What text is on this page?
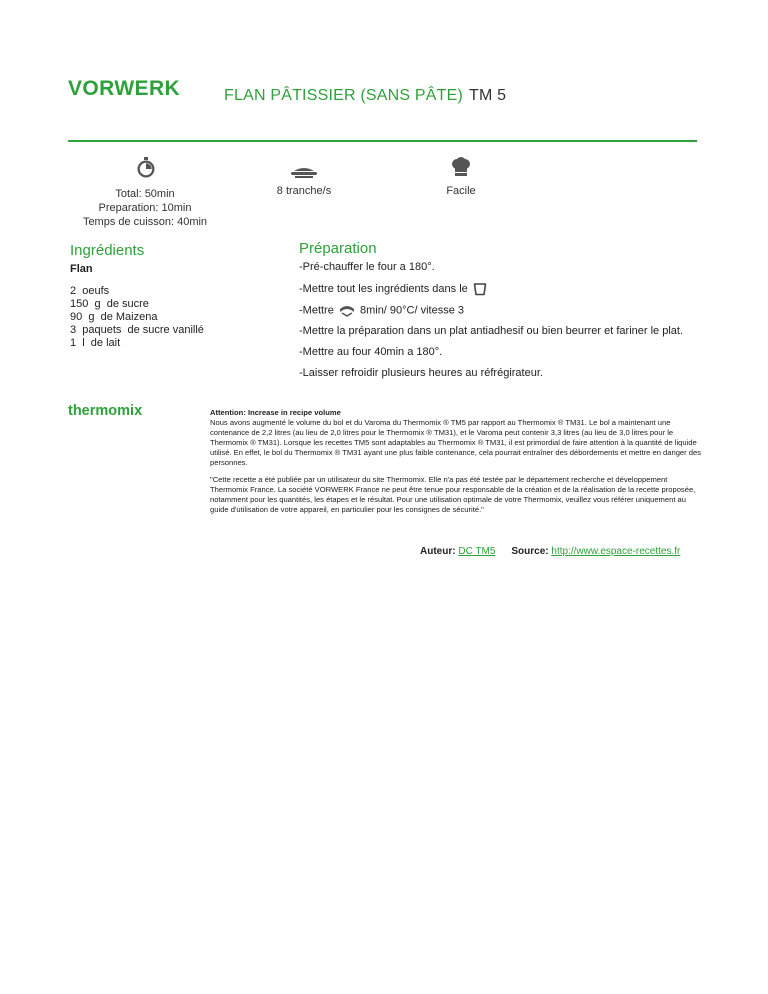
VORWERK	FLAN PÂTISSIER (SANS PÂTE) TM 5
Total: 50min
Preparation: 10min
Temps de cuisson: 40min
8 tranche/s	Facile
Ingrédients
Flan
2  oeufs
150  g  de sucre
90  g  de Maizena
3  paquets  de sucre vanillé
1  l  de lait
Préparation

-Pré-chauffer le four a 180°.

-Mettre tout les ingrédients dans le

-Mettre 8min/ 90°C/ vitesse 3

-Mettre la préparation dans un plat antiadhesif ou bien beurrer et fariner le plat.

-Mettre au four 40min a 180°.

-Laisser refroidir plusieurs heures au réfrégirateur.

thermomix	Attention: Increase in recipe volume

Nous avons augmenté le volume du bol et du Varoma du Thermomix ® TM5 par rapport au Thermomix ® TM31. Le bol a maintenant une contenance de 2,2 litres (au lieu de 2,0 litres pour le Thermomix ® TM31), et le Varoma peut contenir 3,3 litres (au lieu de 3,0 litres pour le Thermomix ® TM31). Lorsque les recettes TM5 sont adaptables au Thermomix ® TM31, il est primordial de faire attention à la quantité de liquide utilisé. En effet, le bol du Thermomix ® TM31 ayant une plus faible contenance, cela pourrait entraîner des débordements et mettre en danger des personnes.

"Cette recette a été publiée par un utilisateur du site Thermomix. Elle n'a pas été testée par le département recherche et développement Thermomix France. La société VORWERK France ne peut être tenue pour responsable de la création et de la réalisation de la recette proposée, notamment pour les quantités, les étapes et le résultat. Pour une utilisation optimale de votre Thermomix, veuillez vous référer uniquement au guide d'utilisation de votre appareil, en particulier pour les consignes de sécurité."

Auteur: DC TM5 Source: http://www.espace-recettes.fr
